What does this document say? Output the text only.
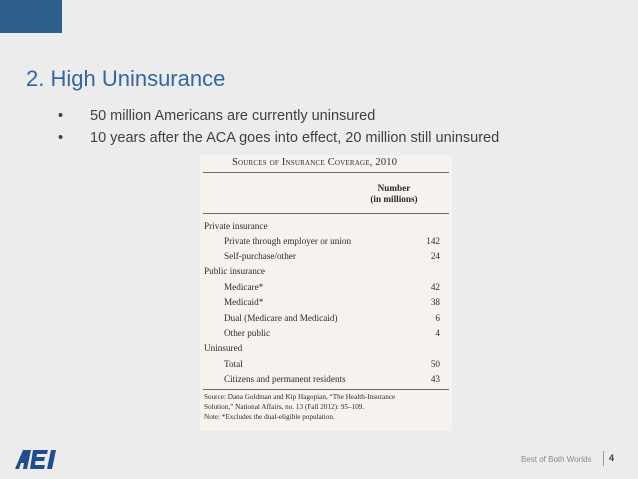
2. High Uninsurance
• 50 million Americans are currently uninsured
• 10 years after the ACA goes into effect, 20 million still uninsured
Sources of Insurance Coverage, 2010
Number
(in millions)
Private insurance
Private through employer or union	142
Self-purchase/other	24
Public insurance
Medicare*	42
Medicaid*	38
Dual (Medicare and Medicaid)	6
Other public	4
Uninsured
Total	50
Citizens and permanent residents	43
Source: Dana Goldman and Kip Hagopian, “The Health-Insurance
Solution,” National Affairs, no. 13 (Fall 2012): 95–109.
Note: *Excludes the dual-eligible population.
Best of Both Worlds 4
